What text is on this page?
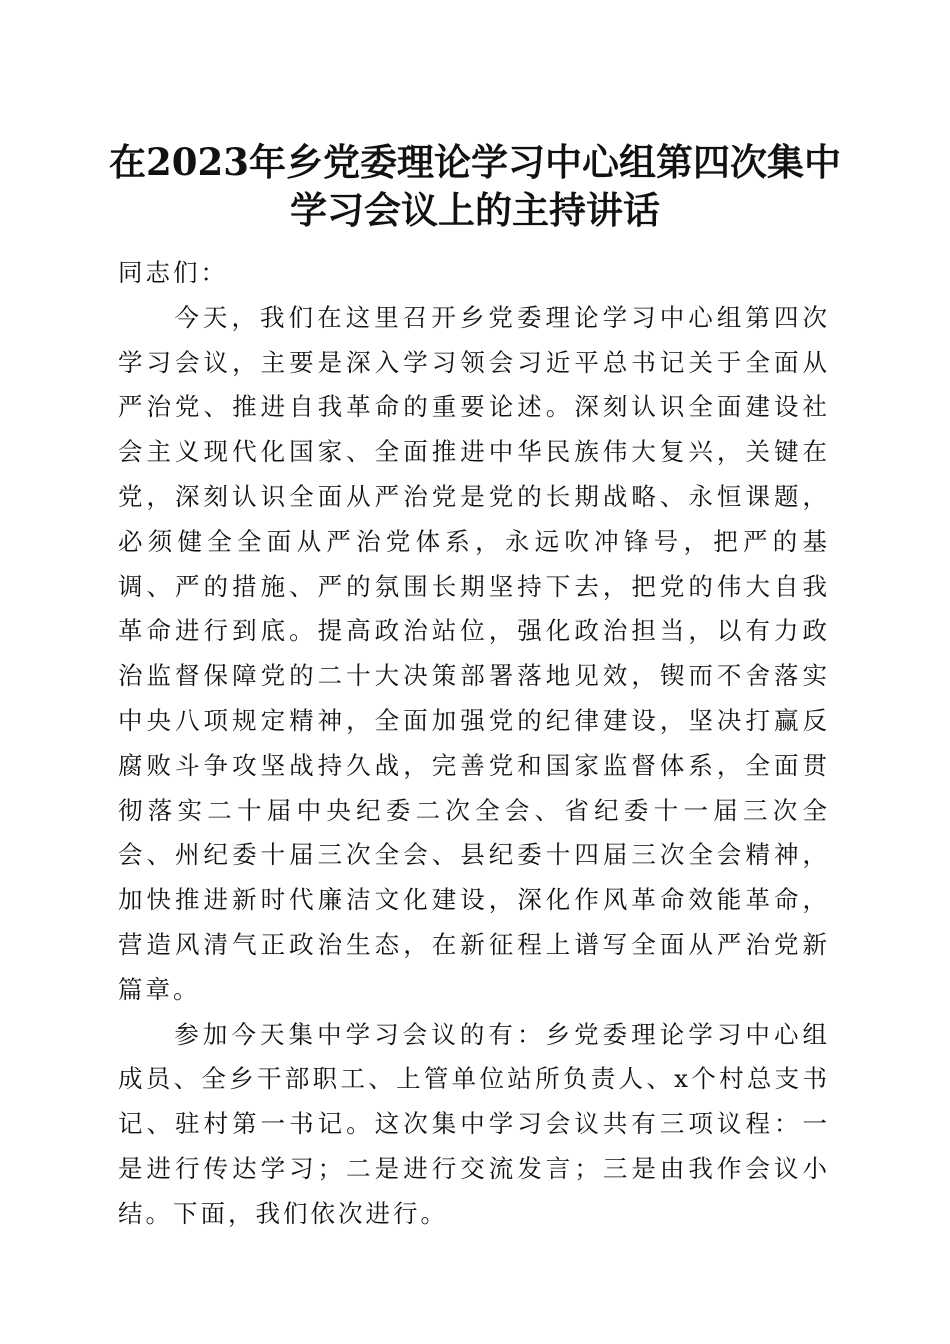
在2023年乡党委理论学习中心组第四次集中
学习会议上的主持讲话

同志们：

今天，我们在这里召开乡党委理论学习中心组第四次学习会议，主要是深入学习领会习近平总书记关于全面从严治党、推进自我革命的重要论述。深刻认识全面建设社会主义现代化国家、全面推进中华民族伟大复兴，关键在党，深刻认识全面从严治党是党的长期战略、永恒课题，必须健全全面从严治党体系，永远吹冲锋号，把严的基调、严的措施、严的氛围长期坚持下去，把党的伟大自我革命进行到底。提高政治站位，强化政治担当，以有力政治监督保障党的二十大决策部署落地见效，锲而不舍落实中央八项规定精神，全面加强党的纪律建设，坚决打赢反腐败斗争攻坚战持久战，完善党和国家监督体系，全面贯彻落实二十届中央纪委二次全会、省纪委十一届三次全会、州纪委十届三次全会、县纪委十四届三次全会精神，加快推进新时代廉洁文化建设，深化作风革命效能革命，营造风清气正政治生态，在新征程上谱写全面从严治党新篇章。

参加今天集中学习会议的有：乡党委理论学习中心组成员、全乡干部职工、上管单位站所负责人、x个村总支书记、驻村第一书记。这次集中学习会议共有三项议程：一是进行传达学习；二是进行交流发言；三是由我作会议小结。下面，我们依次进行。
